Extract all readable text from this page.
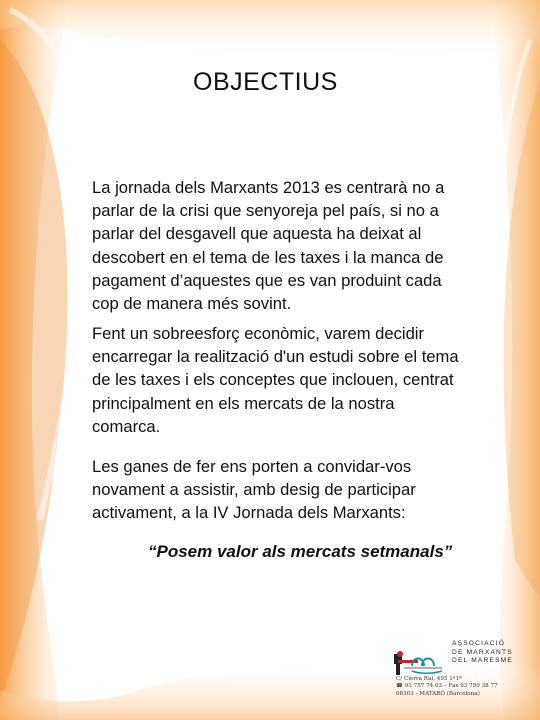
OBJECTIUS

La jornada dels Marxants 2013 es centrarà no a parlar de la crisi que senyoreja pel país, si no a parlar del desgavell que aquesta ha deixat al descobert en el tema de les taxes i la manca de pagament d’aquestes que es van produint cada cop de manera més sovint.

Fent un sobreesforç econòmic, varem decidir encarregar la realització d'un estudi sobre el tema de les taxes i els conceptes que inclouen, centrat principalment en els mercats de la nostra comarca.

Les ganes de fer ens porten a convidar-vos novament a assistir, amb desig de participar activament, a la IV Jornada dels Marxants:

“Posem valor als mercats setmanals”

ASSOCIACIÓ
DE MARXANTS
DEL MARESME

C/ Cierra Ral, 495 1º1ª
☎ 93 757 74 03 – Fax 93 799 38 77
08303 - MATARÓ (Barcelona)
